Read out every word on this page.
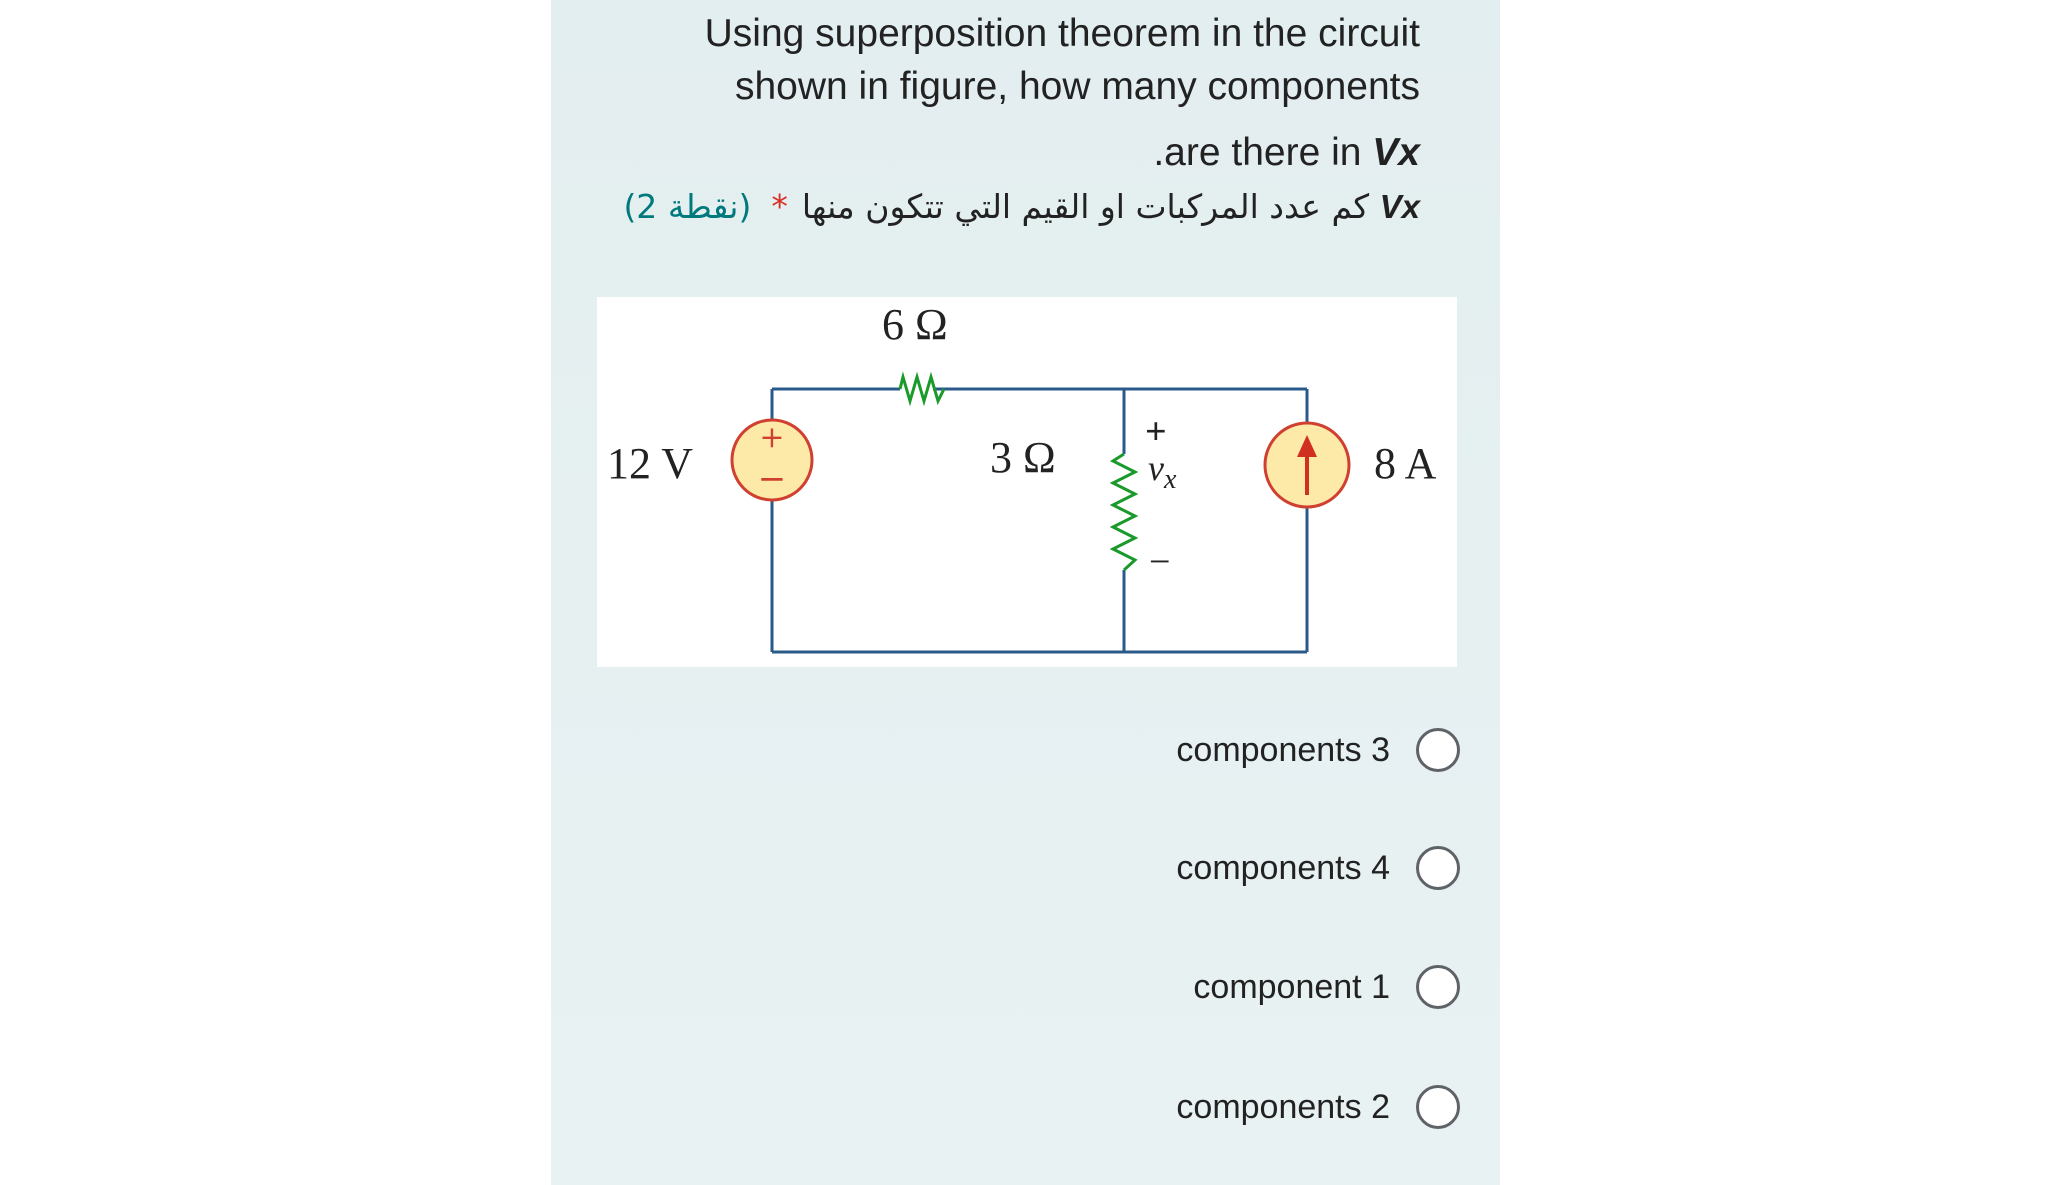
Using superposition theorem in the circuit
shown in figure, how many components
.are there in Vx
(2 نقطة) * كم عدد المركبات او القيم التي تتكون منها Vx
+
−
6 Ω
12 V	3 Ω	8 A
+
$v_x$
−
components 3
components 4
component 1
components 2
